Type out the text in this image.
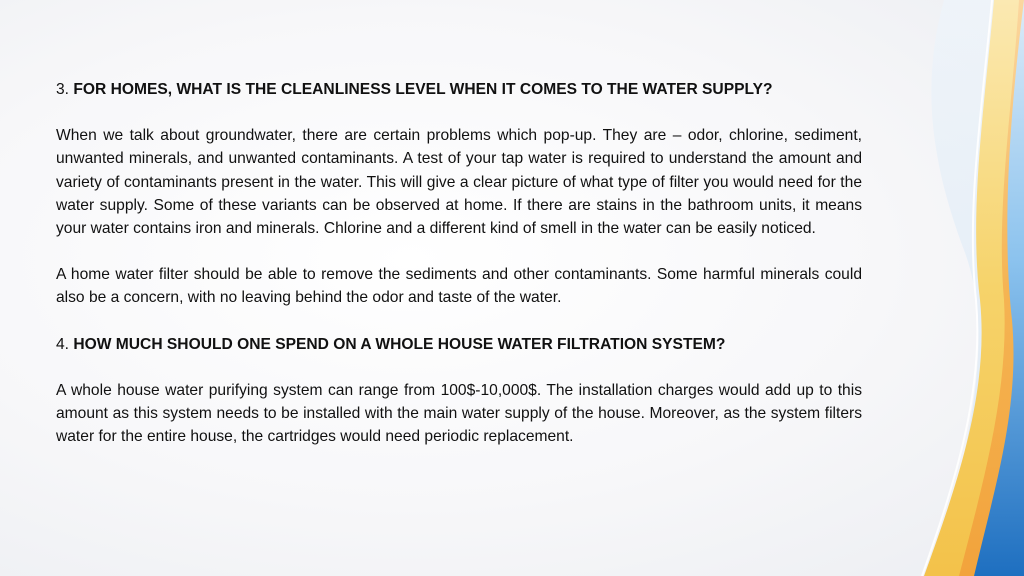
3. FOR HOMES, WHAT IS THE CLEANLINESS LEVEL WHEN IT COMES TO THE WATER SUPPLY?

When we talk about groundwater, there are certain problems which pop-up. They are – odor, chlorine, sediment, unwanted minerals, and unwanted contaminants. A test of your tap water is required to understand the amount and variety of contaminants present in the water. This will give a clear picture of what type of filter you would need for the water supply. Some of these variants can be observed at home. If there are stains in the bathroom units, it means your water contains iron and minerals. Chlorine and a different kind of smell in the water can be easily noticed.

A home water filter should be able to remove the sediments and other contaminants. Some harmful minerals could also be a concern, with no leaving behind the odor and taste of the water.

4. HOW MUCH SHOULD ONE SPEND ON A WHOLE HOUSE WATER FILTRATION SYSTEM?

A whole house water purifying system can range from 100$-10,000$. The installation charges would add up to this amount as this system needs to be installed with the main water supply of the house. Moreover, as the system filters water for the entire house, the cartridges would need periodic replacement.
